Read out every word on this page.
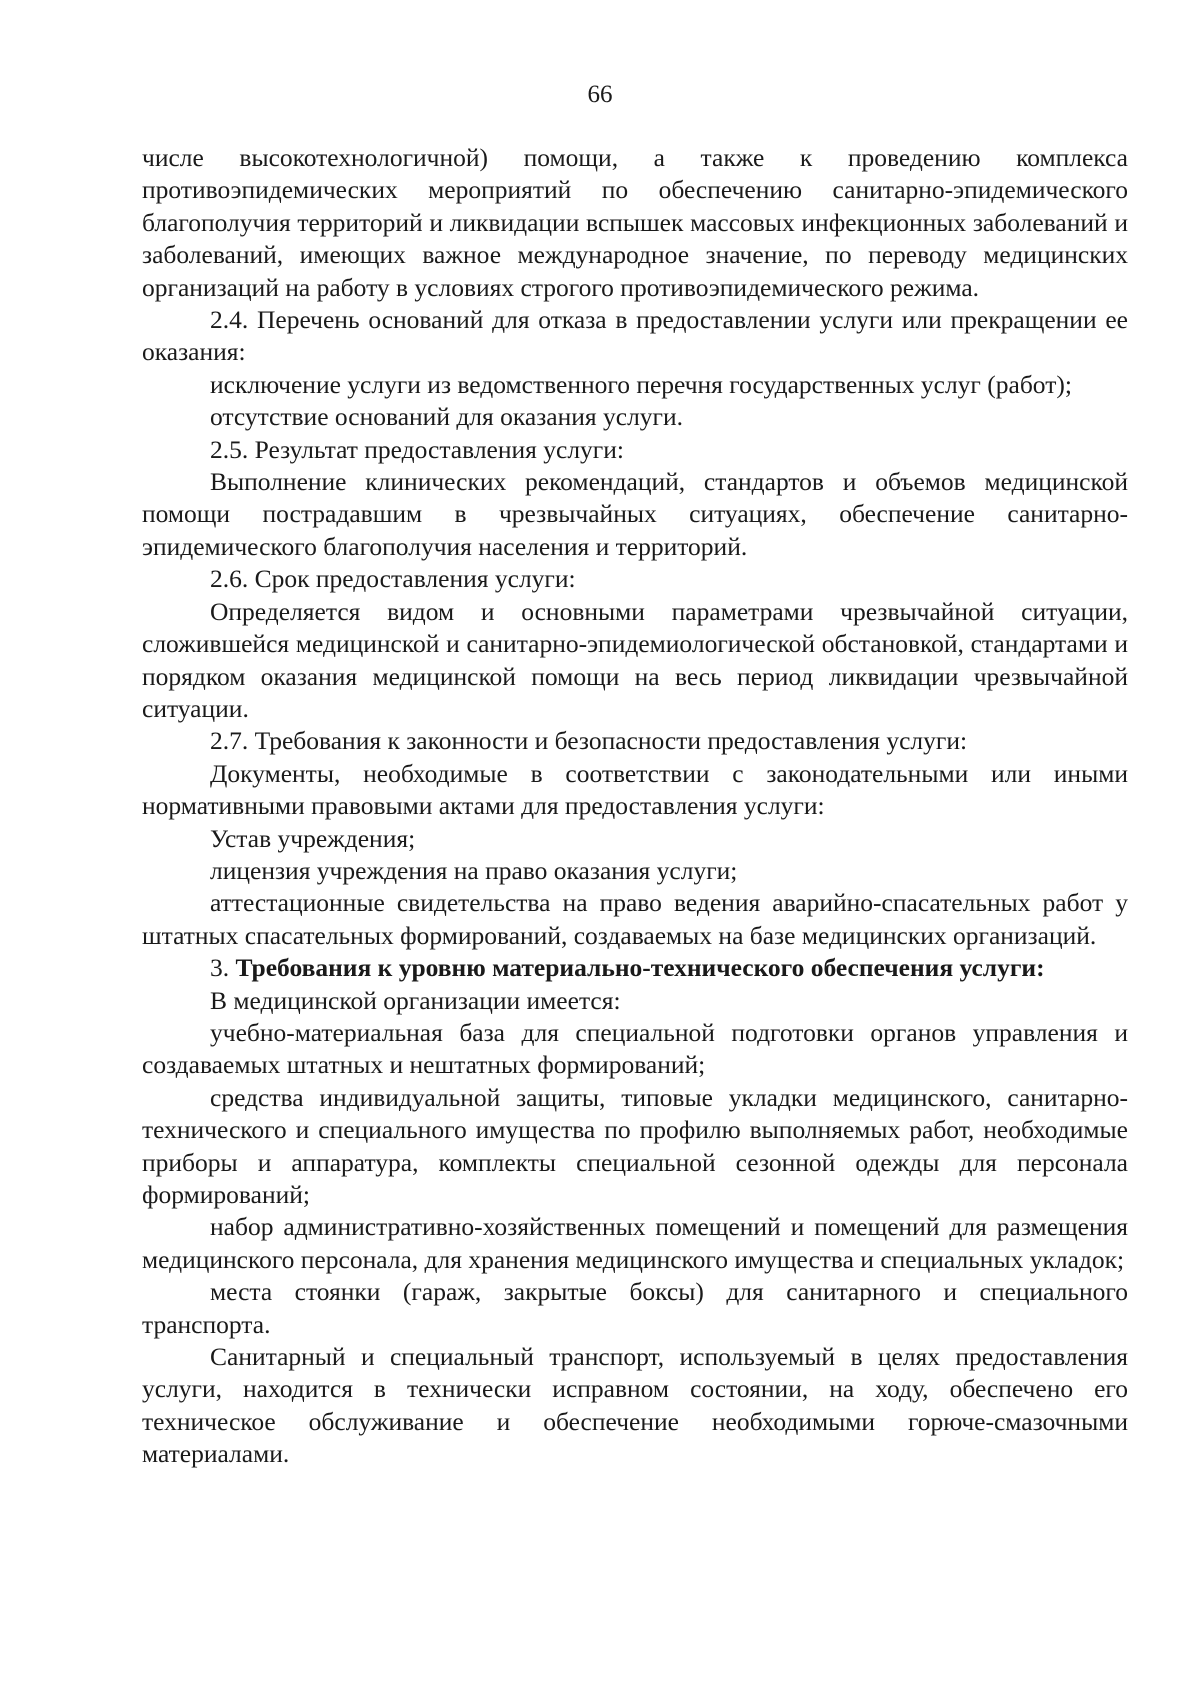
66

числе высокотехнологичной) помощи, а также к проведению комплекса противоэпидемических мероприятий по обеспечению санитарно-эпидемического благополучия территорий и ликвидации вспышек массовых инфекционных заболеваний и заболеваний, имеющих важное международное значение, по переводу медицинских организаций на работу в условиях строгого противоэпидемического режима.

2.4. Перечень оснований для отказа в предоставлении услуги или прекращении ее оказания:

исключение услуги из ведомственного перечня государственных услуг (работ);

отсутствие оснований для оказания услуги.

2.5. Результат предоставления услуги:

Выполнение клинических рекомендаций, стандартов и объемов медицинской помощи пострадавшим в чрезвычайных ситуациях, обеспечение санитарно-эпидемического благополучия населения и территорий.

2.6. Срок предоставления услуги:

Определяется видом и основными параметрами чрезвычайной ситуации, сложившейся медицинской и санитарно-эпидемиологической обстановкой, стандартами и порядком оказания медицинской помощи на весь период ликвидации чрезвычайной ситуации.

2.7. Требования к законности и безопасности предоставления услуги:

Документы, необходимые в соответствии с законодательными или иными нормативными правовыми актами для предоставления услуги:

Устав учреждения;

лицензия учреждения на право оказания услуги;

аттестационные свидетельства на право ведения аварийно-спасательных работ у штатных спасательных формирований, создаваемых на базе медицинских организаций.

3. Требования к уровню материально-технического обеспечения услуги:

В медицинской организации имеется:

учебно-материальная база для специальной подготовки органов управления и создаваемых штатных и нештатных формирований;

средства индивидуальной защиты, типовые укладки медицинского, санитарно-технического и специального имущества по профилю выполняемых работ, необходимые приборы и аппаратура, комплекты специальной сезонной одежды для персонала формирований;

набор административно-хозяйственных помещений и помещений для размещения медицинского персонала, для хранения медицинского имущества и специальных укладок;

места стоянки (гараж, закрытые боксы) для санитарного и специального транспорта.

Санитарный и специальный транспорт, используемый в целях предоставления услуги, находится в технически исправном состоянии, на ходу, обеспечено его техническое обслуживание и обеспечение необходимыми горюче-смазочными материалами.
